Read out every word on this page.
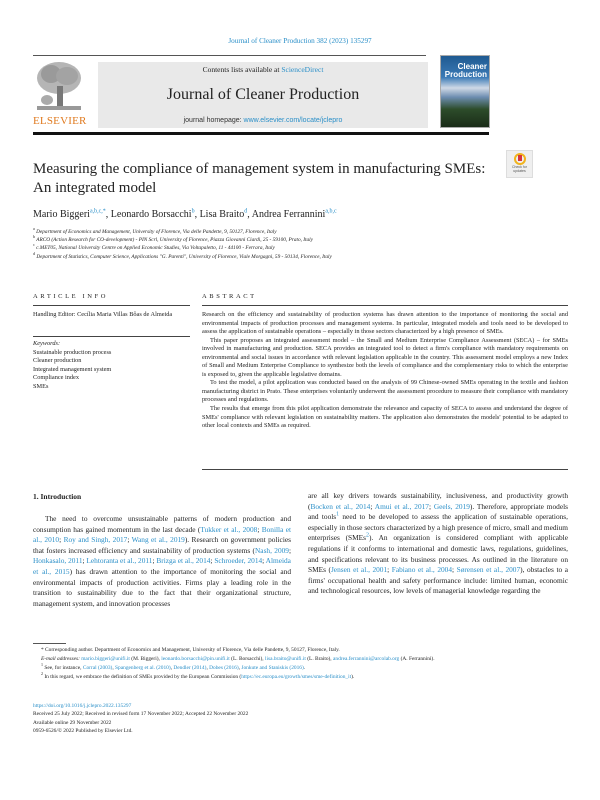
Journal of Cleaner Production 382 (2023) 135297
ELSEVIER
Contents lists available at ScienceDirect
Journal of Cleaner Production
journal homepage: www.elsevier.com/locate/jclepro
Cleaner
Production
Measuring the compliance of management system in manufacturing SMEs: An integrated model
Check for updates
Mario Biggeri$^{a,b,c,*}$, Leonardo Borsacchi$^b$, Lisa Braito$^d$, Andrea Ferrannini$^{a,b,c}$
$^a$ Department of Economics and Management, University of Florence, Via delle Pandette, 9, 50127, Florence, Italy
$^b$ ARCO (Action Research for CO-development) - PIN Scrl, University of Florence, Piazza Giovanni Ciardi, 25 - 59100, Prato, Italy
$^c$ c.MET05, National University Centre on Applied Economic Studies, Via Voltapaletto, 11 - 44100 - Ferrara, Italy
$^d$ Department of Statistics, Computer Science, Applications "G. Parenti", University of Florence, Viale Morgagni, 59 - 50134, Florence, Italy
ARTICLE INFO	ABSTRACT
Handling Editor: Cecília Maria Villas Bôas de Almeida
Keywords:
Sustainable production process
Cleaner production
Integrated management system
Compliance index
SMEs

Research on the efficiency and sustainability of production systems has drawn attention to the importance of monitoring the social and environmental impacts of production processes and management systems. In particular, integrated models and tools need to be developed to assess the application of sustainable operations – especially in those sectors characterized by a high presence of SMEs.

This paper proposes an integrated assessment model – the Small and Medium Enterprise Compliance Assessment (SECA) – for SMEs involved in manufacturing and production. SECA provides an integrated tool to detect a firm's compliance with mandatory requirements on environmental and social issues in accordance with relevant legislation applicable in the country. This assessment model employs a new Index of Small and Medium Enterprise Compliance to synthesize both the levels of compliance and the complementary risks to which the enterprise is exposed to, given the applicable legislative domains.

To test the model, a pilot application was conducted based on the analysis of 99 Chinese-owned SMEs operating in the textile and fashion manufacturing district in Prato. These enterprises voluntarily underwent the assessment procedure to measure their compliance with mandatory processes and regulations.

The results that emerge from this pilot application demonstrate the relevance and capacity of SECA to assess and understand the degree of SMEs' compliance with relevant legislation on sustainability matters. The application also demonstrates the models' potential to be adapted to other local contexts and SMEs as required.

1. Introduction

The need to overcome unsustainable patterns of modern production and consumption has gained momentum in the last decade (Tukker et al., 2008; Bonilla et al., 2010; Roy and Singh, 2017; Wang et al., 2019). Research on government policies that fosters increased efficiency and sustainability of production systems (Nash, 2009; Honkasalo, 2011; Lehtoranta et al., 2011; Brizga et al., 2014; Schroeder, 2014; Almeida et al., 2015) has drawn attention to the importance of monitoring the social and environmental impacts of production activities. Firms play a leading role in the transition to sustainability due to the fact that their organizational structure, management system, and innovation processes

are all key drivers towards sustainability, inclusiveness, and productivity growth (Bocken et al., 2014; Amui et al., 2017; Geels, 2019). Therefore, appropriate models and tools$^1$ need to be developed to assess the application of sustainable operations, especially in those sectors characterized by a high presence of micro, small and medium enterprises (SMEs$^2$). An organization is considered compliant with applicable regulations if it conforms to international and domestic laws, regulations, guidelines, and specifications relevant to its business processes. As outlined in the literature on SMEs (Jensen et al., 2001; Fabiano et al., 2004; Sørensen et al., 2007), obstacles to a firms' occupational health and safety performance include: limited human, economic and technological resources, low levels of managerial knowledge regarding the

* Corresponding author. Department of Economics and Management, University of Florence, Via delle Pandette, 9, 50127, Florence, Italy.
E-mail addresses: mario.biggeri@unifi.it (M. Biggeri), leonardo.borsacchi@pin.unifi.it (L. Borsacchi), lisa.braito@unifi.it (L. Braito), andrea.ferrannini@arcolab.org (A. Ferrannini).
$^1$ See, for instance, Corral (2003), Spangenberg et al. (2010), Dendler (2014), Dobes (2016), Jonkute and Staniskis (2016).
$^2$ In this regard, we embrace the definition of SMEs provided by the European Commission (https://ec.europa.eu/growth/smes/sme-definition_it).
https://doi.org/10.1016/j.jclepro.2022.135297
Received 25 July 2022; Received in revised form 17 November 2022; Accepted 22 November 2022
Available online 29 November 2022
0959-6526/© 2022 Published by Elsevier Ltd.
